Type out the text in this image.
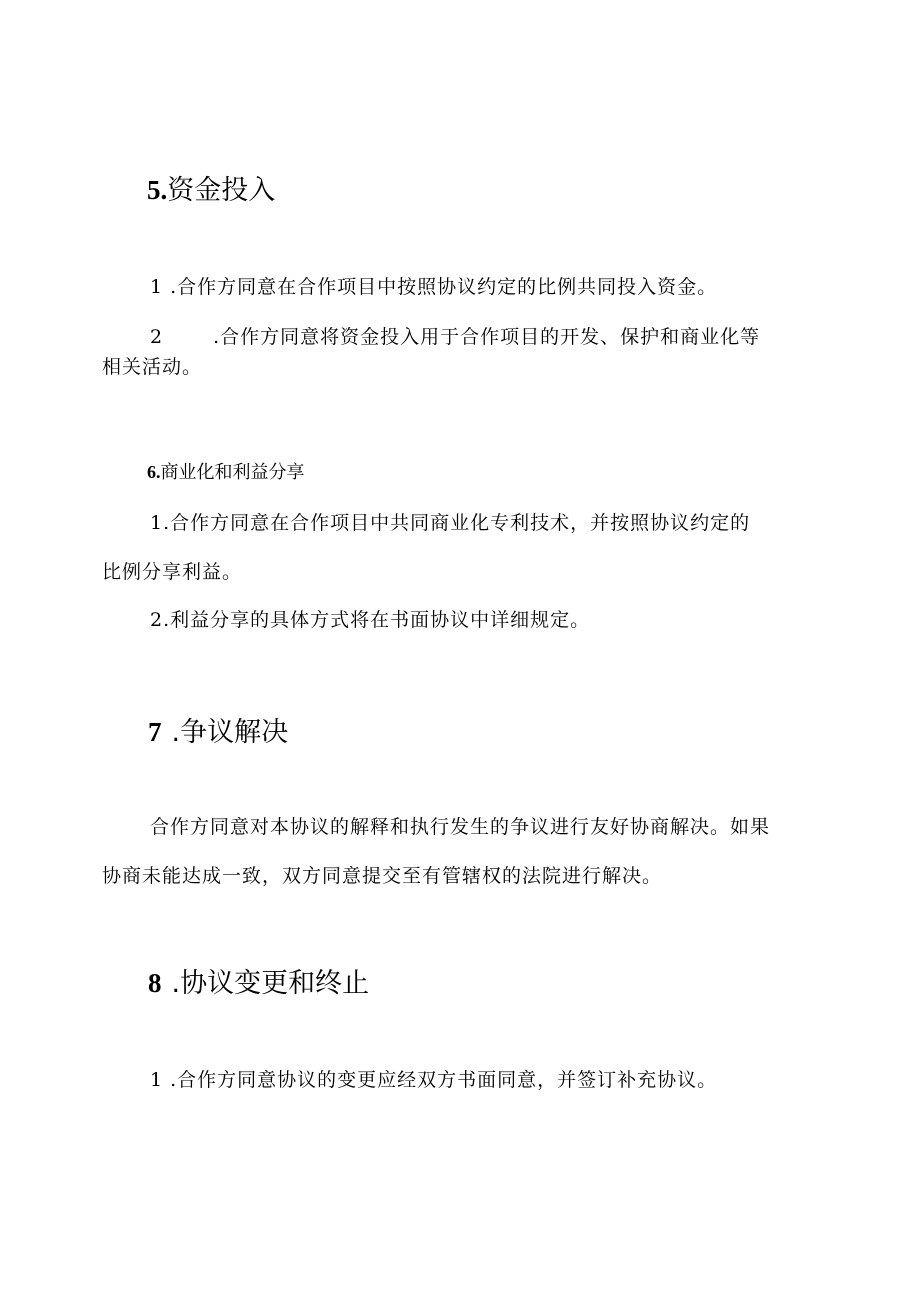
5.资金投入
1 .合作方同意在合作项目中按照协议约定的比例共同投入资金。
2	.合作方同意将资金投入用于合作项目的开发、保护和商业化等
相关活动。
6.商业化和利益分享
1.合作方同意在合作项目中共同商业化专利技术，并按照协议约定的
比例分享利益。
2.利益分享的具体方式将在书面协议中详细规定。
7 .争议解决
合作方同意对本协议的解释和执行发生的争议进行友好协商解决。如果
协商未能达成一致，双方同意提交至有管辖权的法院进行解决。
8 .协议变更和终止
1 .合作方同意协议的变更应经双方书面同意，并签订补充协议。
